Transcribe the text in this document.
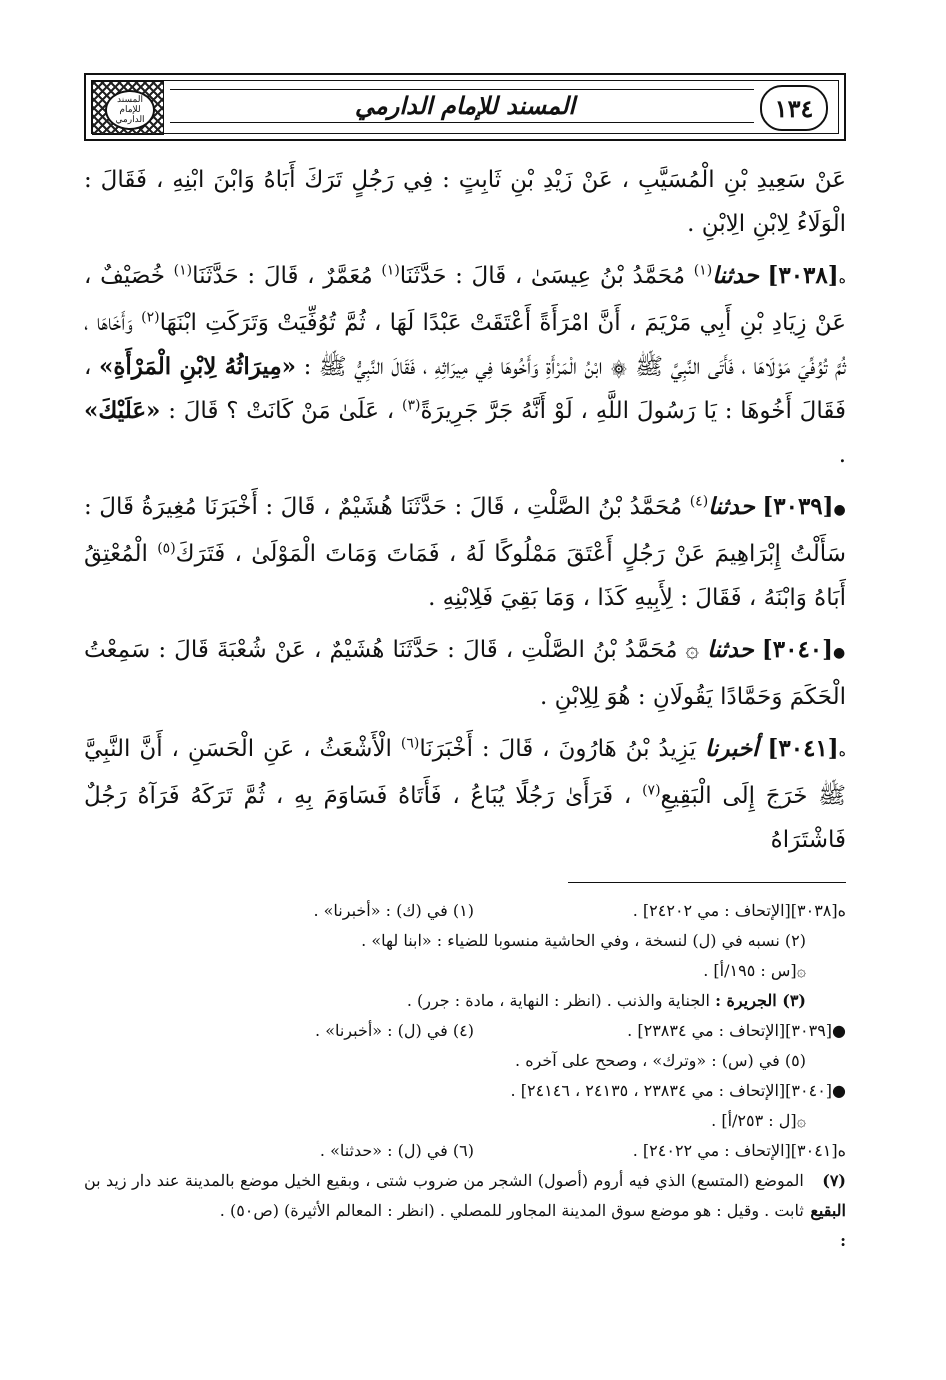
المسند للإمام الدارمي	المسند للإمام الدارمي	١٣٤

عَنْ سَعِيدِ بْنِ الْمُسَيَّبِ ، عَنْ زَيْدِ بْنِ ثَابِتٍ : فِي رَجُلٍ تَرَكَ أَبَاهُ وَابْنَ ابْنِهِ ، فَقَالَ : الْوَلَاءُ لِابْنِ الِابْنِ .

ه[٣٠٣٨] حدثنا$^{(١)}$ مُحَمَّدُ بْنُ عِيسَىٰ ، قَالَ : حَدَّثَنَا$^{(١)}$ مُعَمَّرٌ ، قَالَ : حَدَّثَنَا$^{(١)}$ خُصَيْفٌ ، عَنْ زِيَادِ بْنِ أَبِي مَرْيَمَ ، أَنَّ امْرَأَةً أَعْتَقَتْ عَبْدًا لَهَا ، ثُمَّ تُوُفِّيَتْ وَتَرَكَتِ ابْنَهَا$^{(٢)}$ وَأَخَاهَا ، ثُمَّ تُوُفِّيَ مَوْلَاهَا ، فَأَتَى النَّبِيَّ ﷺ ۞ ابْنُ الْمَرْأَةِ وَأَخُوهَا فِي مِيرَاثِهِ ، فَقَالَ النَّبِيُّ ﷺ : «مِيرَاثُهُ لِابْنِ الْمَرْأَةِ» ، فَقَالَ أَخُوهَا : يَا رَسُولَ اللَّهِ ، لَوْ أَنَّهُ جَرَّ جَرِيرَةً$^{(٣)}$ ، عَلَىٰ مَنْ كَانَتْ ؟ قَالَ : «عَلَيْكَ» .

●[٣٠٣٩] حدثنا$^{(٤)}$ مُحَمَّدُ بْنُ الصَّلْتِ ، قَالَ : حَدَّثَنَا هُشَيْمٌ ، قَالَ : أَخْبَرَنَا مُغِيرَةُ قَالَ : سَأَلْتُ إِبْرَاهِيمَ عَنْ رَجُلٍ أَعْتَقَ مَمْلُوكًا لَهُ ، فَمَاتَ وَمَاتَ الْمَوْلَىٰ ، فَتَرَكَ$^{(٥)}$ الْمُعْتِقُ أَبَاهُ وَابْنَهُ ، فَقَالَ : لِأَبِيهِ كَذَا ، وَمَا بَقِيَ فَلِابْنِهِ .

●[٣٠٤٠] حدثنا ۞ مُحَمَّدُ بْنُ الصَّلْتِ ، قَالَ : حَدَّثَنَا هُشَيْمٌ ، عَنْ شُعْبَةَ قَالَ : سَمِعْتُ الْحَكَمَ وَحَمَّادًا يَقُولَانِ : هُوَ لِلِابْنِ .

ه[٣٠٤١] أخبرنا يَزِيدُ بْنُ هَارُونَ ، قَالَ : أَخْبَرَنَا$^{(٦)}$ الْأَشْعَثُ ، عَنِ الْحَسَنِ ، أَنَّ النَّبِيَّ ﷺ خَرَجَ إِلَى الْبَقِيعِ$^{(٧)}$ ، فَرَأَىٰ رَجُلًا يُبَاعُ ، فَأَتَاهُ فَسَاوَمَ بِهِ ، ثُمَّ تَرَكَهُ فَرَآهُ رَجُلٌ فَاشْتَرَاهُ

ه[٣٠٣٨][الإتحاف : مي ٢٤٢٠٢] .
(١) في (ك) : «أخبرنا» .
(٢) نسبه في (ل) لنسخة ، وفي الحاشية منسوبا للضياء : «ابنا لها» .
۞[س : ١٩٥/أ] .
(٣) الجريرة :

الجناية والذنب . (انظر : النهاية ، مادة : جرر) .
●[٣٠٣٩][الإتحاف : مي ٢٣٨٣٤] .
(٤) في (ل) : «أخبرنا» .
(٥) في (س) : «وترك» ، وصحح على آخره .
●[٣٠٤٠][الإتحاف : مي ٢٣٨٣٤ ، ٢٤١٣٥ ، ٢٤١٤٦] .
۞[ل : ٢٥٣/أ] .
ه[٣٠٤١][الإتحاف : مي ٢٤٠٢٢] .
(٦) في (ل) : «حدثنا» .
(٧) البقيع :
الموضع (المتسع) الذي فيه أروم (أصول) الشجر من ضروب شتى ، وبقيع الخيل موضع بالمدينة عند دار زيد بن ثابت . وقيل : هو موضع سوق المدينة المجاور للمصلي . (انظر : المعالم الأثيرة) (ص٥٠) .
